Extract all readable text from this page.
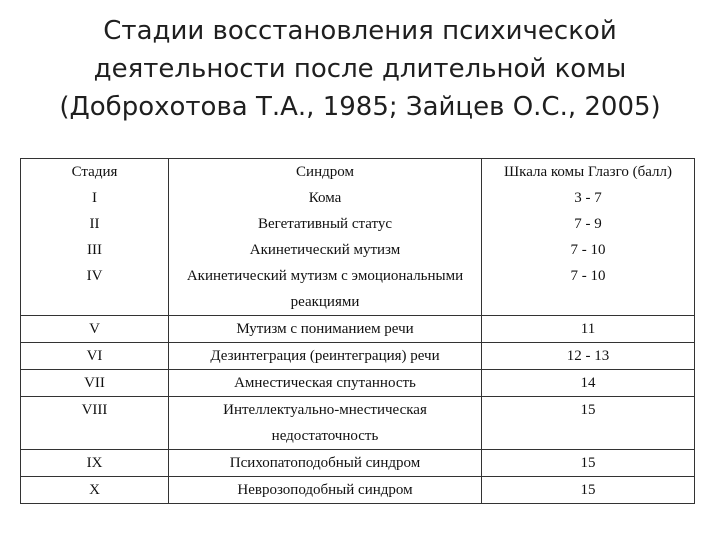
Стадии восстановления психической
деятельности после длительной комы
(Доброхотова Т.А., 1985; Зайцев О.С., 2005)
Стадия	Синдром	Шкала комы Глазго (балл)
I	Кома	3 - 7
II	Вегетативный статус	7 - 9
III	Акинетический мутизм	7 - 10
IV	Акинетический мутизм с эмоциональными реакциями	7 - 10
V	Мутизм с пониманием речи	11
VI	Дезинтеграция (реинтеграция) речи	12 - 13
VII	Амнестическая спутанность	14
VIII	Интеллектуально-мнестическая недостаточность	15
IX	Психопатоподобный синдром	15
X	Неврозоподобный синдром	15
